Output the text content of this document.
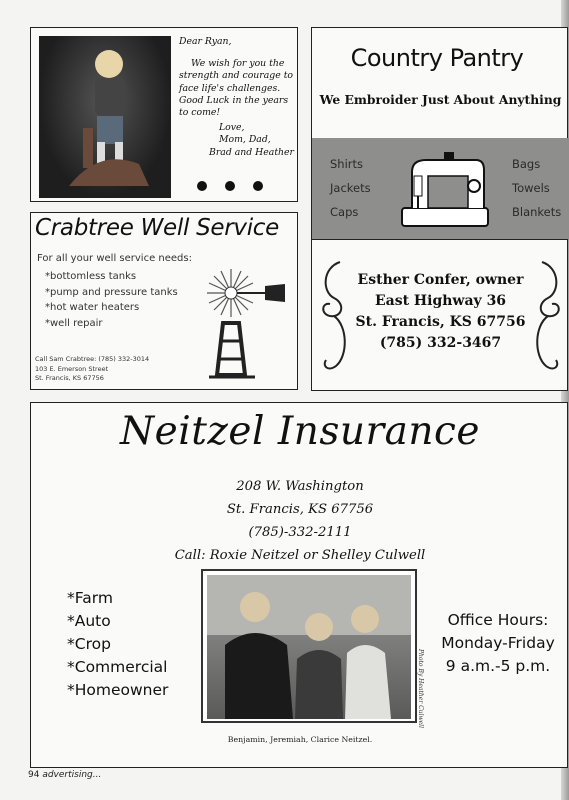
Dear Ryan,
We wish for you the
strength and courage to
face life's challenges.
Good Luck in the years
to come!
Love,
Mom, Dad,
Brad and Heather
Crabtree Well Service
For all your well service needs:
*bottomless tanks
*pump and pressure tanks
*hot water heaters
*well repair
Call Sam Crabtree: (785) 332-3014
103 E. Emerson Street
St. Francis, KS 67756
Country Pantry
We Embroider Just About Anything
Shirts
Jackets
Caps
Bags
Towels
Blankets
Esther Confer, owner
East Highway 36
St. Francis, KS 67756
(785) 332-3467
Neitzel Insurance
208 W. Washington
St. Francis, KS 67756
(785)-332-2111
Call: Roxie Neitzel or Shelley Culwell
*Farm
*Auto
*Crop
*Commercial
*Homeowner	Photo By Heather Culwell
Office Hours:
Monday-Friday
9 a.m.-5 p.m.
Benjamin, Jeremiah, Clarice Neitzel.
94 advertising...
